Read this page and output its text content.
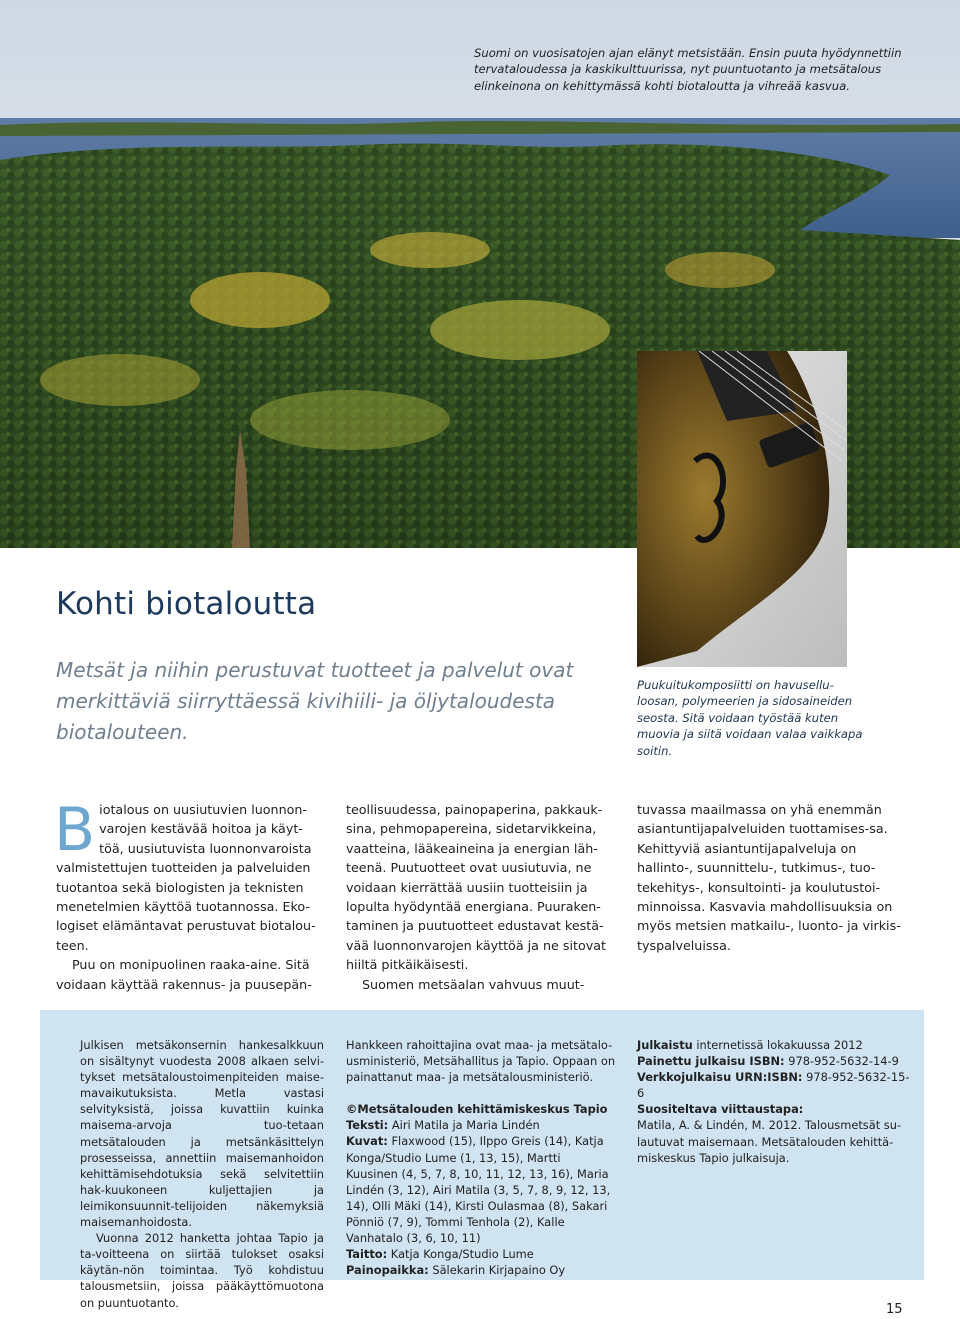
Suomi on vuosisatojen ajan elänyt metsistään. Ensin puuta hyödynnettiin tervataloudessa ja kaskikulttuurissa, nyt puuntuotanto ja metsätalous elinkeinona on kehittymässä kohti biotaloutta ja vihreää kasvua.
Puukuitukomposiitti on havusellu-loosan, polymeerien ja sidosaineiden seosta. Sitä voidaan työstää kuten muovia ja siitä voidaan valaa vaikkapa soitin.
Kohti biotaloutta
Metsät ja niihin perustuvat tuotteet ja palvelut ovat merkittäviä siirryttäessä kivihiili- ja öljytaloudesta biotalouteen.

Biotalous on uusiutuvien luonnon-varojen kestävää hoitoa ja käyt-töä, uusiutuvista luonnonvaroista valmistettujen tuotteiden ja palveluiden tuotantoa sekä biologisten ja teknisten menetelmien käyttöä tuotannossa. Eko-logiset elämäntavat perustuvat biotalou-teen.

Puu on monipuolinen raaka-aine. Sitä voidaan käyttää rakennus- ja puusepän-

teollisuudessa, painopaperina, pakkauk-sina, pehmopapereina, sidetarvikkeina, vaatteina, lääkeaineina ja energian läh-teenä. Puutuotteet ovat uusiutuvia, ne voidaan kierrättää uusiin tuotteisiin ja lopulta hyödyntää energiana. Puuraken-taminen ja puutuotteet edustavat kestä-vää luonnonvarojen käyttöä ja ne sitovat hiiltä pitkäikäisesti.

Suomen metsäalan vahvuus muut-

tuvassa maailmassa on yhä enemmän asiantuntijapalveluiden tuottamises-sa. Kehittyviä asiantuntijapalveluja on hallinto-, suunnittelu-, tutkimus-, tuo-tekehitys-, konsultointi- ja koulutustoi-minnoissa. Kasvavia mahdollisuuksia on myös metsien matkailu-, luonto- ja virkis-tyspalveluissa.

Julkisen metsäkonsernin hankesalkkuun on sisältynyt vuodesta 2008 alkaen selvi-tykset metsätaloustoimenpiteiden maise-mavaikutuksista. Metla vastasi selvityksistä, joissa kuvattiin kuinka maisema-arvoja tuo-tetaan metsätalouden ja metsänkäsittelyn prosesseissa, annettiin maisemanhoidon kehittämisehdotuksia sekä selvitettiin hak-kuukoneen kuljettajien ja leimikonsuunnit-telijoiden näkemyksiä maisemanhoidosta.

Vuonna 2012 hanketta johtaa Tapio ja ta-voitteena on siirtää tulokset osaksi käytän-nön toimintaa. Työ kohdistuu talousmetsiin, joissa pääkäyttömuotona on puuntuotanto.

Hankkeen rahoittajina ovat maa- ja metsätalo-usministeriö, Metsähallitus ja Tapio. Oppaan on painattanut maa- ja metsätalousministeriö.

©Metsätalouden kehittämiskeskus Tapio

Teksti: Airi Matila ja Maria Lindén

Kuvat: Flaxwood (15), Ilppo Greis (14), Katja Konga/Studio Lume (1, 13, 15), Martti Kuusinen (4, 5, 7, 8, 10, 11, 12, 13, 16), Maria Lindén (3, 12), Airi Matila (3, 5, 7, 8, 9, 12, 13, 14), Olli Mäki (14), Kirsti Oulasmaa (8), Sakari Pönniö (7, 9), Tommi Tenhola (2), Kalle Vanhatalo (3, 6, 10, 11)

Taitto: Katja Konga/Studio Lume

Painopaikka: Sälekarin Kirjapaino Oy

Julkaistu internetissä lokakuussa 2012

Painettu julkaisu ISBN: 978-952-5632-14-9

Verkkojulkaisu URN:ISBN: 978-952-5632-15-6

Suositeltava viittaustapa:

Matila, A. & Lindén, M. 2012. Talousmetsät su-lautuvat maisemaan. Metsätalouden kehittä-miskeskus Tapio julkaisuja.

15
